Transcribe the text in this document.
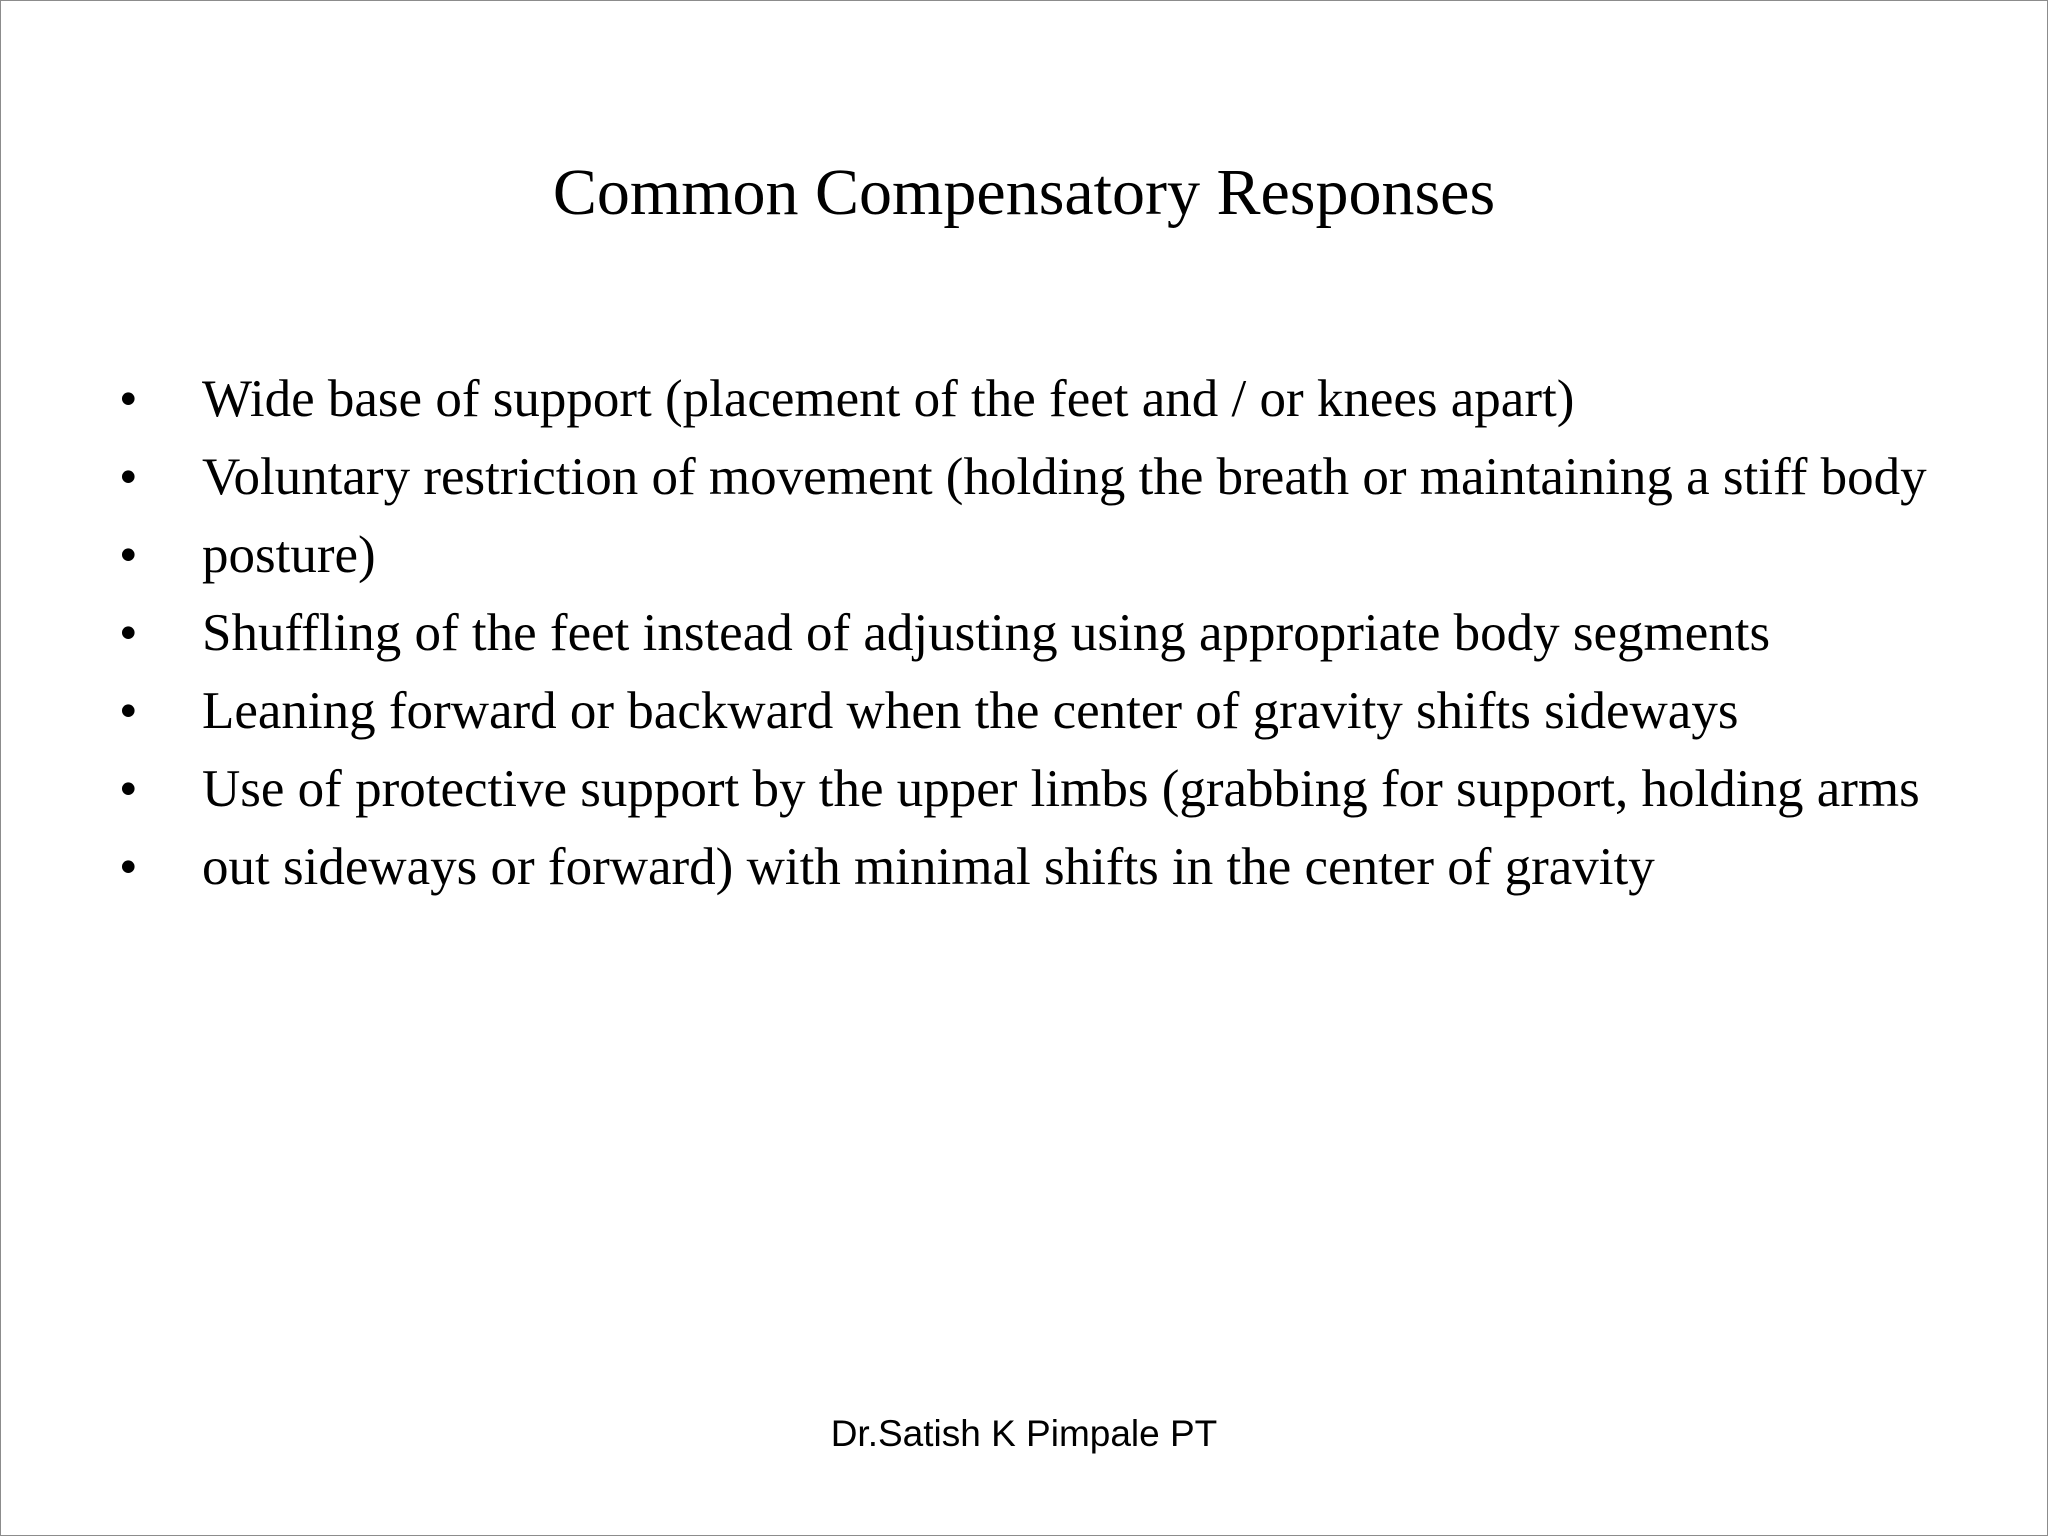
Common Compensatory Responses
•	Wide base of support (placement of the feet and / or knees apart)
•	Voluntary restriction of movement (holding the breath or maintaining a stiff body
•	posture)
•	Shuffling of the feet instead of adjusting using appropriate body segments
•	Leaning forward or backward when the center of gravity shifts sideways
•	Use of protective support by the upper limbs (grabbing for support, holding arms
•	out sideways or forward) with minimal shifts in the center of gravity
Dr.Satish K Pimpale PT
